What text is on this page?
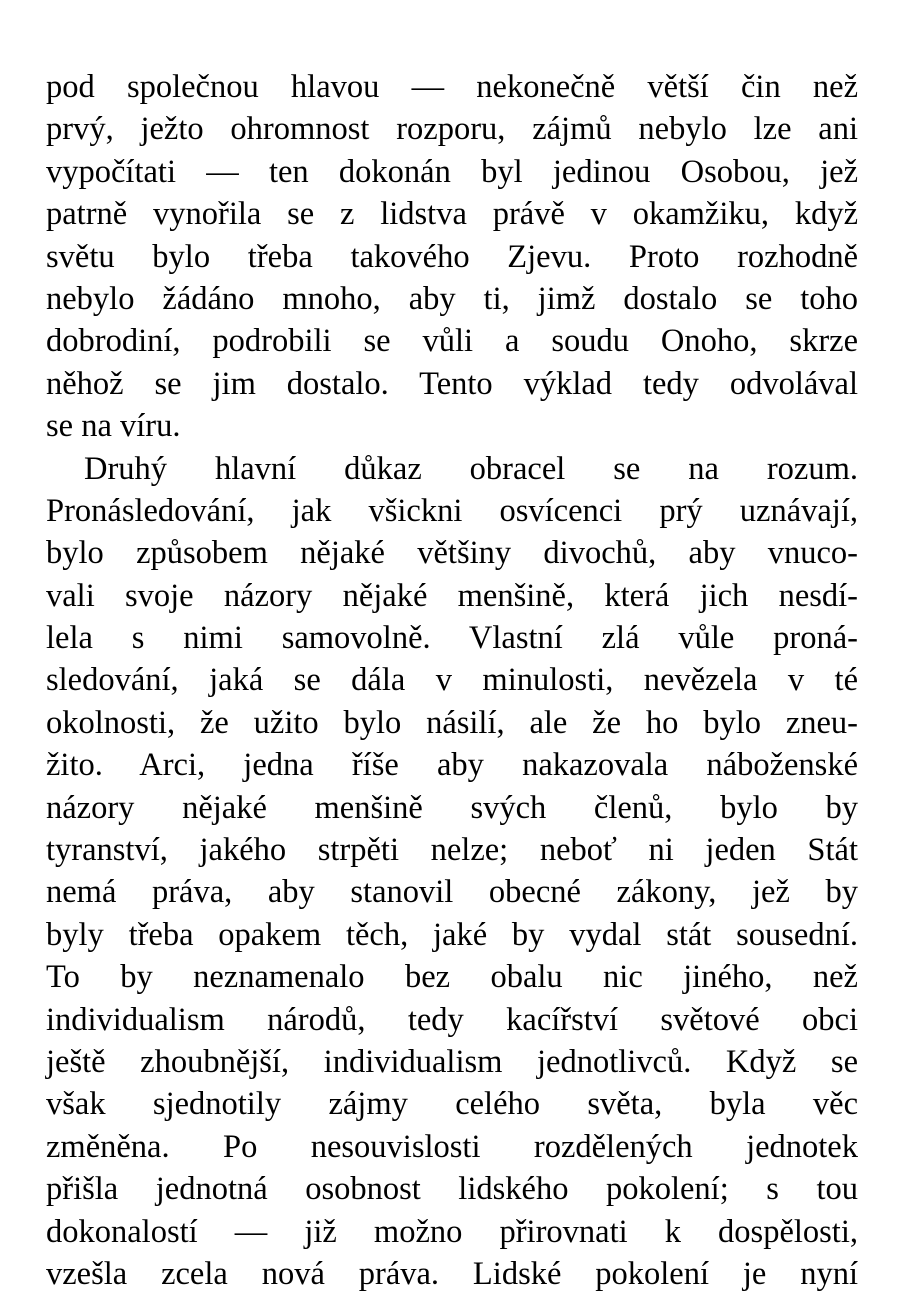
pod společnou hlavou — nekonečně větší čin než
prvý, ježto ohromnost rozporu, zájmů nebylo lze ani
vypočítati — ten dokonán byl jedinou Osobou, jež
patrně vynořila se z lidstva právě v okamžiku, když
světu bylo třeba takového Zjevu. Proto rozhodně
nebylo žádáno mnoho, aby ti, jimž dostalo se toho
dobrodiní, podrobili se vůli a soudu Onoho, skrze
něhož se jim dostalo. Tento výklad tedy odvolával
se na víru.
Druhý hlavní důkaz obracel se na rozum.
Pronásledování, jak všickni osvícenci prý uznávají,
bylo způsobem nějaké většiny divochů, aby vnuco-
vali svoje názory nějaké menšině, která jich nesdí-
lela s nimi samovolně. Vlastní zlá vůle proná-
sledování, jaká se dála v minulosti, nevězela v té
okolnosti, že užito bylo násilí, ale že ho bylo zneu-
žito. Arci, jedna říše aby nakazovala náboženské
názory nějaké menšině svých členů, bylo by
tyranství, jakého strpěti nelze; neboť ni jeden Stát
nemá práva, aby stanovil obecné zákony, jež by
byly třeba opakem těch, jaké by vydal stát sousední.
To by neznamenalo bez obalu nic jiného, než
individualism národů, tedy kacířství světové obci
ještě zhoubnější, individualism jednotlivců. Když se
však sjednotily zájmy celého světa, byla věc
změněna. Po nesouvislosti rozdělených jednotek
přišla jednotná osobnost lidského pokolení; s tou
dokonalostí — již možno přirovnati k dospělosti,
vzešla zcela nová práva. Lidské pokolení je nyní
